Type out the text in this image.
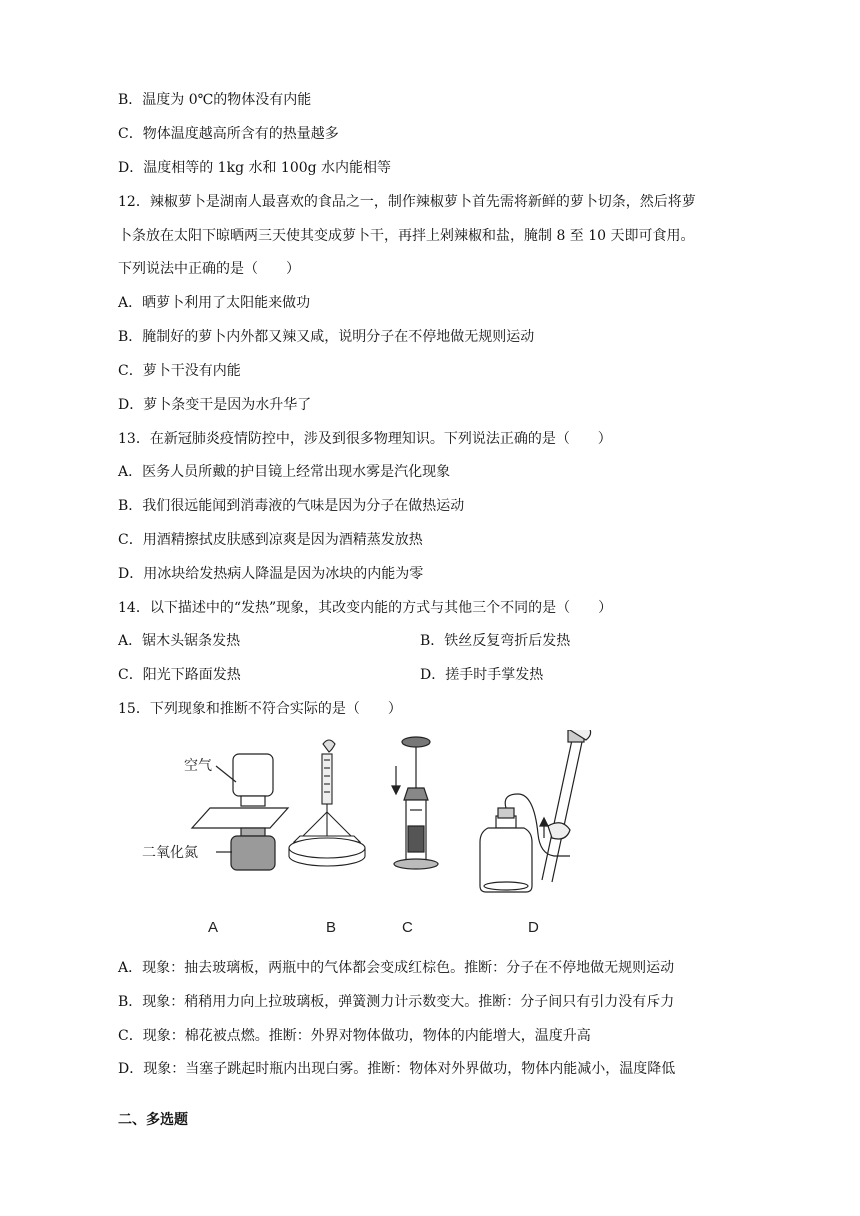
B．温度为 0℃的物体没有内能
C．物体温度越高所含有的热量越多
D．温度相等的 1kg 水和 100g 水内能相等
12．辣椒萝卜是湖南人最喜欢的食品之一，制作辣椒萝卜首先需将新鲜的萝卜切条，然后将萝
卜条放在太阳下晾晒两三天使其变成萝卜干，再拌上剁辣椒和盐，腌制 8 至 10 天即可食用。
下列说法中正确的是（　　）
A．晒萝卜利用了太阳能来做功
B．腌制好的萝卜内外都又辣又咸，说明分子在不停地做无规则运动
C．萝卜干没有内能
D．萝卜条变干是因为水升华了
13．在新冠肺炎疫情防控中，涉及到很多物理知识。下列说法正确的是（　　）
A．医务人员所戴的护目镜上经常出现水雾是汽化现象
B．我们很远能闻到消毒液的气味是因为分子在做热运动
C．用酒精擦拭皮肤感到凉爽是因为酒精蒸发放热
D．用冰块给发热病人降温是因为冰块的内能为零
14．以下描述中的“发热”现象，其改变内能的方式与其他三个不同的是（　　）
A．锯木头锯条发热	B．铁丝反复弯折后发热
C．阳光下路面发热	D．搓手时手掌发热
15．下列现象和推断不符合实际的是（　　）
空气
二氧化氮
A	B	C	D
A．现象：抽去玻璃板，两瓶中的气体都会变成红棕色。推断：分子在不停地做无规则运动
B．现象：稍稍用力向上拉玻璃板，弹簧测力计示数变大。推断：分子间只有引力没有斥力
C．现象：棉花被点燃。推断：外界对物体做功，物体的内能增大，温度升高
D．现象：当塞子跳起时瓶内出现白雾。推断：物体对外界做功，物体内能减小，温度降低
二、多选题
